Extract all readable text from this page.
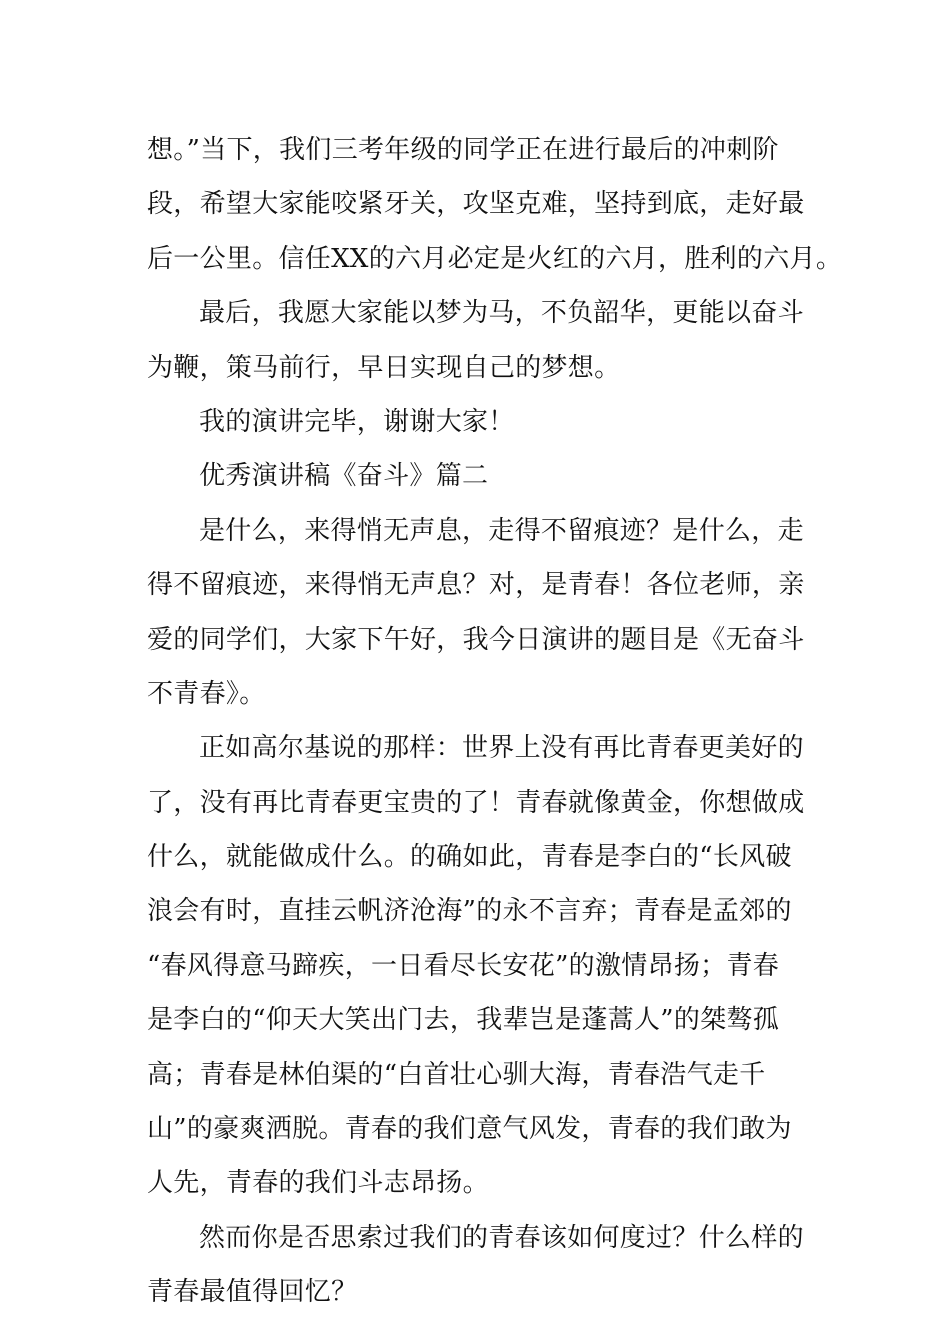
想。”当下，我们三考年级的同学正在进行最后的冲刺阶
段，希望大家能咬紧牙关，攻坚克难，坚持到底，走好最
后一公里。信任XX的六月必定是火红的六月，胜利的六月。
最后，我愿大家能以梦为马，不负韶华，更能以奋斗
为鞭，策马前行，早日实现自己的梦想。
我的演讲完毕，谢谢大家！
优秀演讲稿《奋斗》篇二
是什么，来得悄无声息，走得不留痕迹？是什么，走
得不留痕迹，来得悄无声息？对，是青春！各位老师，亲
爱的同学们，大家下午好，我今日演讲的题目是《无奋斗
不青春》。
正如高尔基说的那样：世界上没有再比青春更美好的
了，没有再比青春更宝贵的了！青春就像黄金，你想做成
什么，就能做成什么。的确如此，青春是李白的“长风破
浪会有时，直挂云帆济沧海”的永不言弃；青春是孟郊的
“春风得意马蹄疾，一日看尽长安花”的激情昂扬；青春
是李白的“仰天大笑出门去，我辈岂是蓬蒿人”的桀骜孤
高；青春是林伯渠的“白首壮心驯大海，青春浩气走千
山”的豪爽洒脱。青春的我们意气风发，青春的我们敢为
人先，青春的我们斗志昂扬。
然而你是否思索过我们的青春该如何度过？什么样的
青春最值得回忆？
